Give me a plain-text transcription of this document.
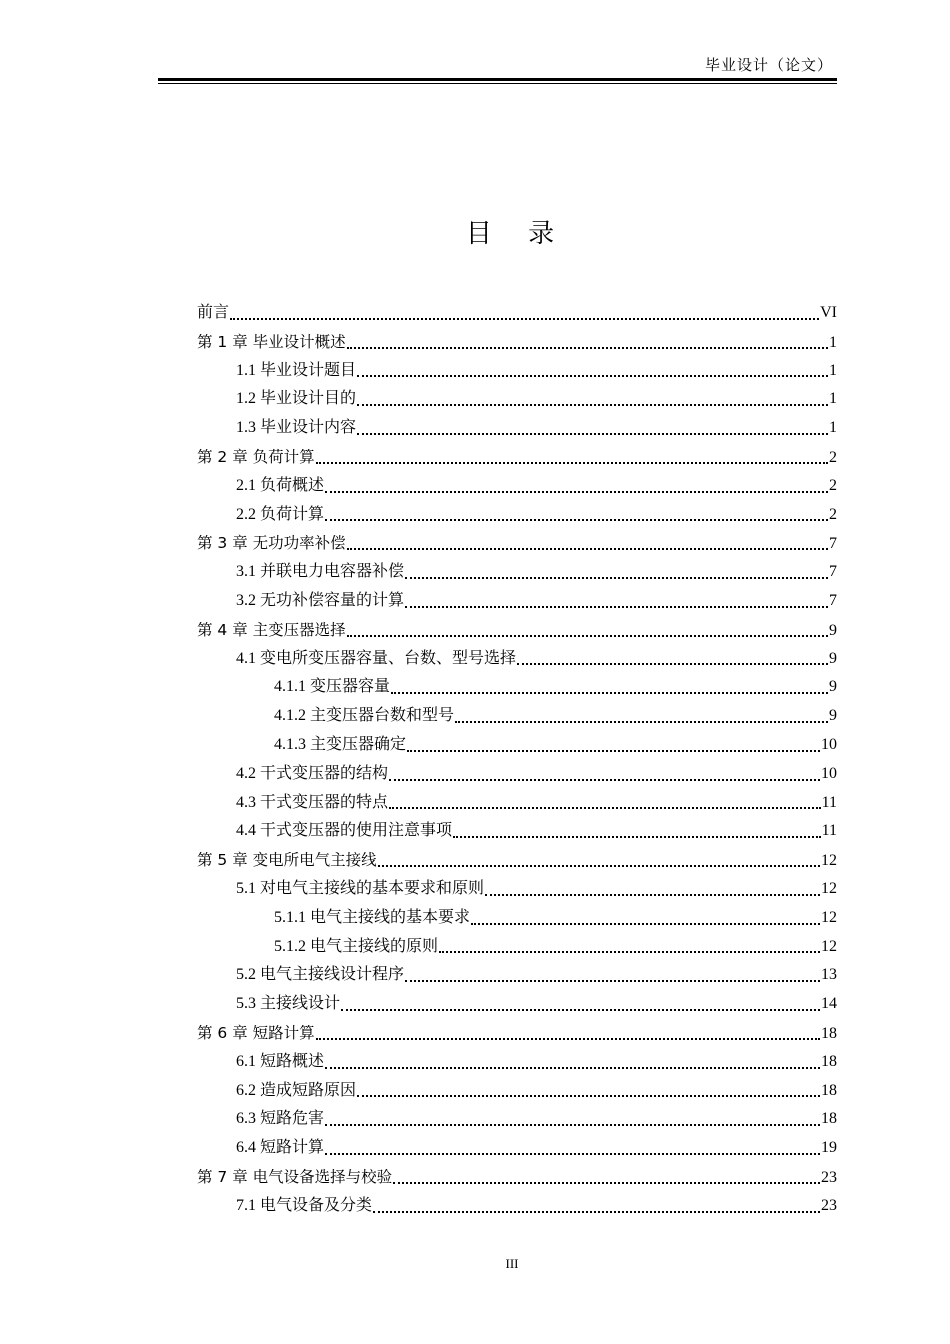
毕业设计（论文）
目 录
前言	VI
第 1 章 毕业设计概述	1
1.1 毕业设计题目	1
1.2 毕业设计目的	1
1.3 毕业设计内容	1
第 2 章 负荷计算	2
2.1 负荷概述	2
2.2 负荷计算	2
第 3 章 无功功率补偿	7
3.1 并联电力电容器补偿	7
3.2 无功补偿容量的计算	7
第 4 章 主变压器选择	9
4.1 变电所变压器容量、台数、型号选择	9
4.1.1 变压器容量	9
4.1.2 主变压器台数和型号	9
4.1.3 主变压器确定	10
4.2 干式变压器的结构	10
4.3 干式变压器的特点	11
4.4 干式变压器的使用注意事项	11
第 5 章 变电所电气主接线	12
5.1 对电气主接线的基本要求和原则	12
5.1.1 电气主接线的基本要求	12
5.1.2 电气主接线的原则	12
5.2 电气主接线设计程序	13
5.3 主接线设计	14
第 6 章 短路计算	18
6.1 短路概述	18
6.2 造成短路原因	18
6.3 短路危害	18
6.4 短路计算	19
第 7 章 电气设备选择与校验	23
7.1 电气设备及分类	23
III
